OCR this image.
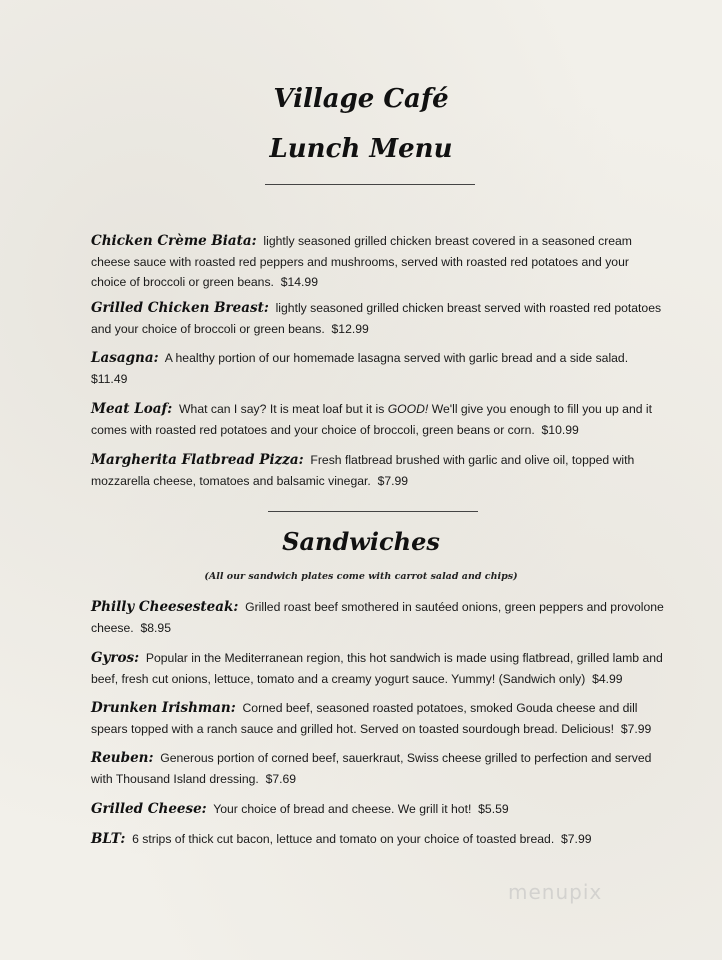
Village Café
Lunch Menu
Chicken Crème Biata: lightly seasoned grilled chicken breast covered in a seasoned cream cheese sauce with roasted red peppers and mushrooms, served with roasted red potatoes and your choice of broccoli or green beans. $14.99
Grilled Chicken Breast: lightly seasoned grilled chicken breast served with roasted red potatoes and your choice of broccoli or green beans. $12.99
Lasagna: A healthy portion of our homemade lasagna served with garlic bread and a side salad.  $11.49
Meat Loaf: What can I say? It is meat loaf but it is GOOD! We'll give you enough to fill you up and it comes with roasted red potatoes and your choice of broccoli, green beans or corn. $10.99
Margherita Flatbread Pizza: Fresh flatbread brushed with garlic and olive oil, topped with mozzarella cheese, tomatoes and balsamic vinegar. $7.99
Sandwiches
(All our sandwich plates come with carrot salad and chips)
Philly Cheesesteak: Grilled roast beef smothered in sautéed onions, green peppers and provolone cheese. $8.95
Gyros: Popular in the Mediterranean region, this hot sandwich is made using flatbread, grilled lamb and beef, fresh cut onions, lettuce, tomato and a creamy yogurt sauce. Yummy! (Sandwich only) $4.99
Drunken Irishman: Corned beef, seasoned roasted potatoes, smoked Gouda cheese and dill spears topped with a ranch sauce and grilled hot. Served on toasted sourdough bread. Delicious! $7.99
Reuben: Generous portion of corned beef, sauerkraut, Swiss cheese grilled to perfection and served with Thousand Island dressing. $7.69
Grilled Cheese: Your choice of bread and cheese. We grill it hot! $5.59
BLT: 6 strips of thick cut bacon, lettuce and tomato on your choice of toasted bread. $7.99
menupix
